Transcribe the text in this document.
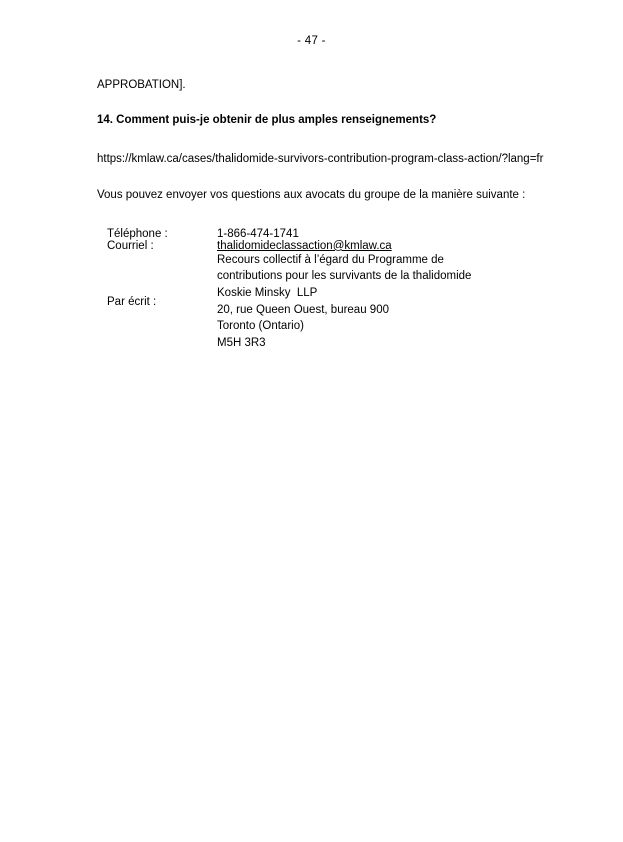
- 47 -

APPROBATION].

14. Comment puis-je obtenir de plus amples renseignements?

https://kmlaw.ca/cases/thalidomide-survivors-contribution-program-class-action/?lang=fr

Vous pouvez envoyer vos questions aux avocats du groupe de la manière suivante :

Téléphone :	1-866-474-1741
Courriel :	thalidomideclassaction@kmlaw.ca
Par écrit :	
Recours collectif à l’égard du Programme de
contributions pour les survivants de la thalidomide
Koskie Minsky  LLP
20, rue Queen Ouest, bureau 900
Toronto (Ontario)
M5H 3R3
